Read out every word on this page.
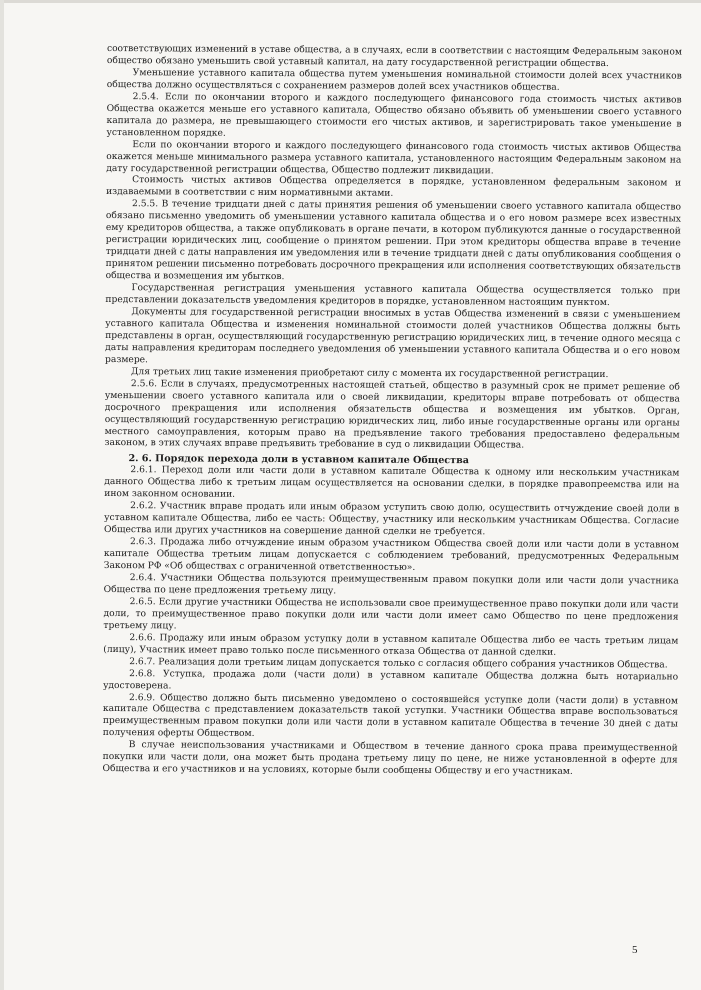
соответствующих изменений в уставе общества, а в случаях, если в соответствии с настоящим Федеральным законом общество обязано уменьшить свой уставный капитал, на дату государственной регистрации общества.

Уменьшение уставного капитала общества путем уменьшения номинальной стоимости долей всех участников общества должно осуществляться с сохранением размеров долей всех участников общества.

2.5.4. Если по окончании второго и каждого последующего финансового года стоимость чистых активов Общества окажется меньше его уставного капитала, Общество обязано объявить об уменьшении своего уставного капитала до размера, не превышающего стоимости его чистых активов, и зарегистрировать такое уменьшение в установленном порядке.

Если по окончании второго и каждого последующего финансового года стоимость чистых активов Общества окажется меньше минимального размера уставного капитала, установленного настоящим Федеральным законом на дату государственной регистрации общества, Общество подлежит ликвидации.

Стоимость чистых активов Общества определяется в порядке, установленном федеральным законом и издаваемыми в соответствии с ним нормативными актами.

2.5.5. В течение тридцати дней с даты принятия решения об уменьшении своего уставного капитала общество обязано письменно уведомить об уменьшении уставного капитала общества и о его новом размере всех известных ему кредиторов общества, а также опубликовать в органе печати, в котором публикуются данные о государственной регистрации юридических лиц, сообщение о принятом решении. При этом кредиторы общества вправе в течение тридцати дней с даты направления им уведомления или в течение тридцати дней с даты опубликования сообщения о принятом решении письменно потребовать досрочного прекращения или исполнения соответствующих обязательств общества и возмещения им убытков.

Государственная регистрация уменьшения уставного капитала Общества осуществляется только при представлении доказательств уведомления кредиторов в порядке, установленном настоящим пунктом.

Документы для государственной регистрации вносимых в устав Общества изменений в связи с уменьшением уставного капитала Общества и изменения номинальной стоимости долей участников Общества должны быть представлены в орган, осуществляющий государственную регистрацию юридических лиц, в течение одного месяца с даты направления кредиторам последнего уведомления об уменьшении уставного капитала Общества и о его новом размере.

Для третьих лиц такие изменения приобретают силу с момента их государственной регистрации.

2.5.6. Если в случаях, предусмотренных настоящей статьей, общество в разумный срок не примет решение об уменьшении своего уставного капитала или о своей ликвидации, кредиторы вправе потребовать от общества досрочного прекращения или исполнения обязательств общества и возмещения им убытков. Орган, осуществляющий государственную регистрацию юридических лиц, либо иные государственные органы или органы местного самоуправления, которым право на предъявление такого требования предоставлено федеральным законом, в этих случаях вправе предъявить требование в суд о ликвидации Общества.

2. 6. Порядок перехода доли в уставном капитале Общества

2.6.1. Переход доли или части доли в уставном капитале Общества к одному или нескольким участникам данного Общества либо к третьим лицам осуществляется на основании сделки, в порядке правопреемства или на ином законном основании.

2.6.2. Участник вправе продать или иным образом уступить свою долю, осуществить отчуждение своей доли в уставном капитале Общества, либо ее часть: Обществу, участнику или нескольким участникам Общества. Согласие Общества или других участников на совершение данной сделки не требуется.

2.6.3. Продажа либо отчуждение иным образом участником Общества своей доли или части доли в уставном капитале Общества третьим лицам допускается с соблюдением требований, предусмотренных Федеральным Законом РФ «Об обществах с ограниченной ответственностью».

2.6.4. Участники Общества пользуются преимущественным правом покупки доли или части доли участника Общества по цене предложения третьему лицу.

2.6.5. Если другие участники Общества не использовали свое преимущественное право покупки доли или части доли, то преимущественное право покупки доли или части доли имеет само Общество по цене предложения третьему лицу.

2.6.6. Продажу или иным образом уступку доли в уставном капитале Общества либо ее часть третьим лицам (лицу), Участник имеет право только после письменного отказа Общества от данной сделки.

2.6.7. Реализация доли третьим лицам допускается только с согласия общего собрания участников Общества.

2.6.8. Уступка, продажа доли (части доли) в уставном капитале Общества должна быть нотариально удостоверена.

2.6.9. Общество должно быть письменно уведомлено о состоявшейся уступке доли (части доли) в уставном капитале Общества с представлением доказательств такой уступки. Участники Общества вправе воспользоваться преимущественным правом покупки доли или части доли в уставном капитале Общества в течение 30 дней с даты получения оферты Обществом.

В случае неиспользования участниками и Обществом в течение данного срока права преимущественной покупки или части доли, она может быть продана третьему лицу по цене, не ниже установленной в оферте для Общества и его участников и на условиях, которые были сообщены Обществу и его участникам.

5
